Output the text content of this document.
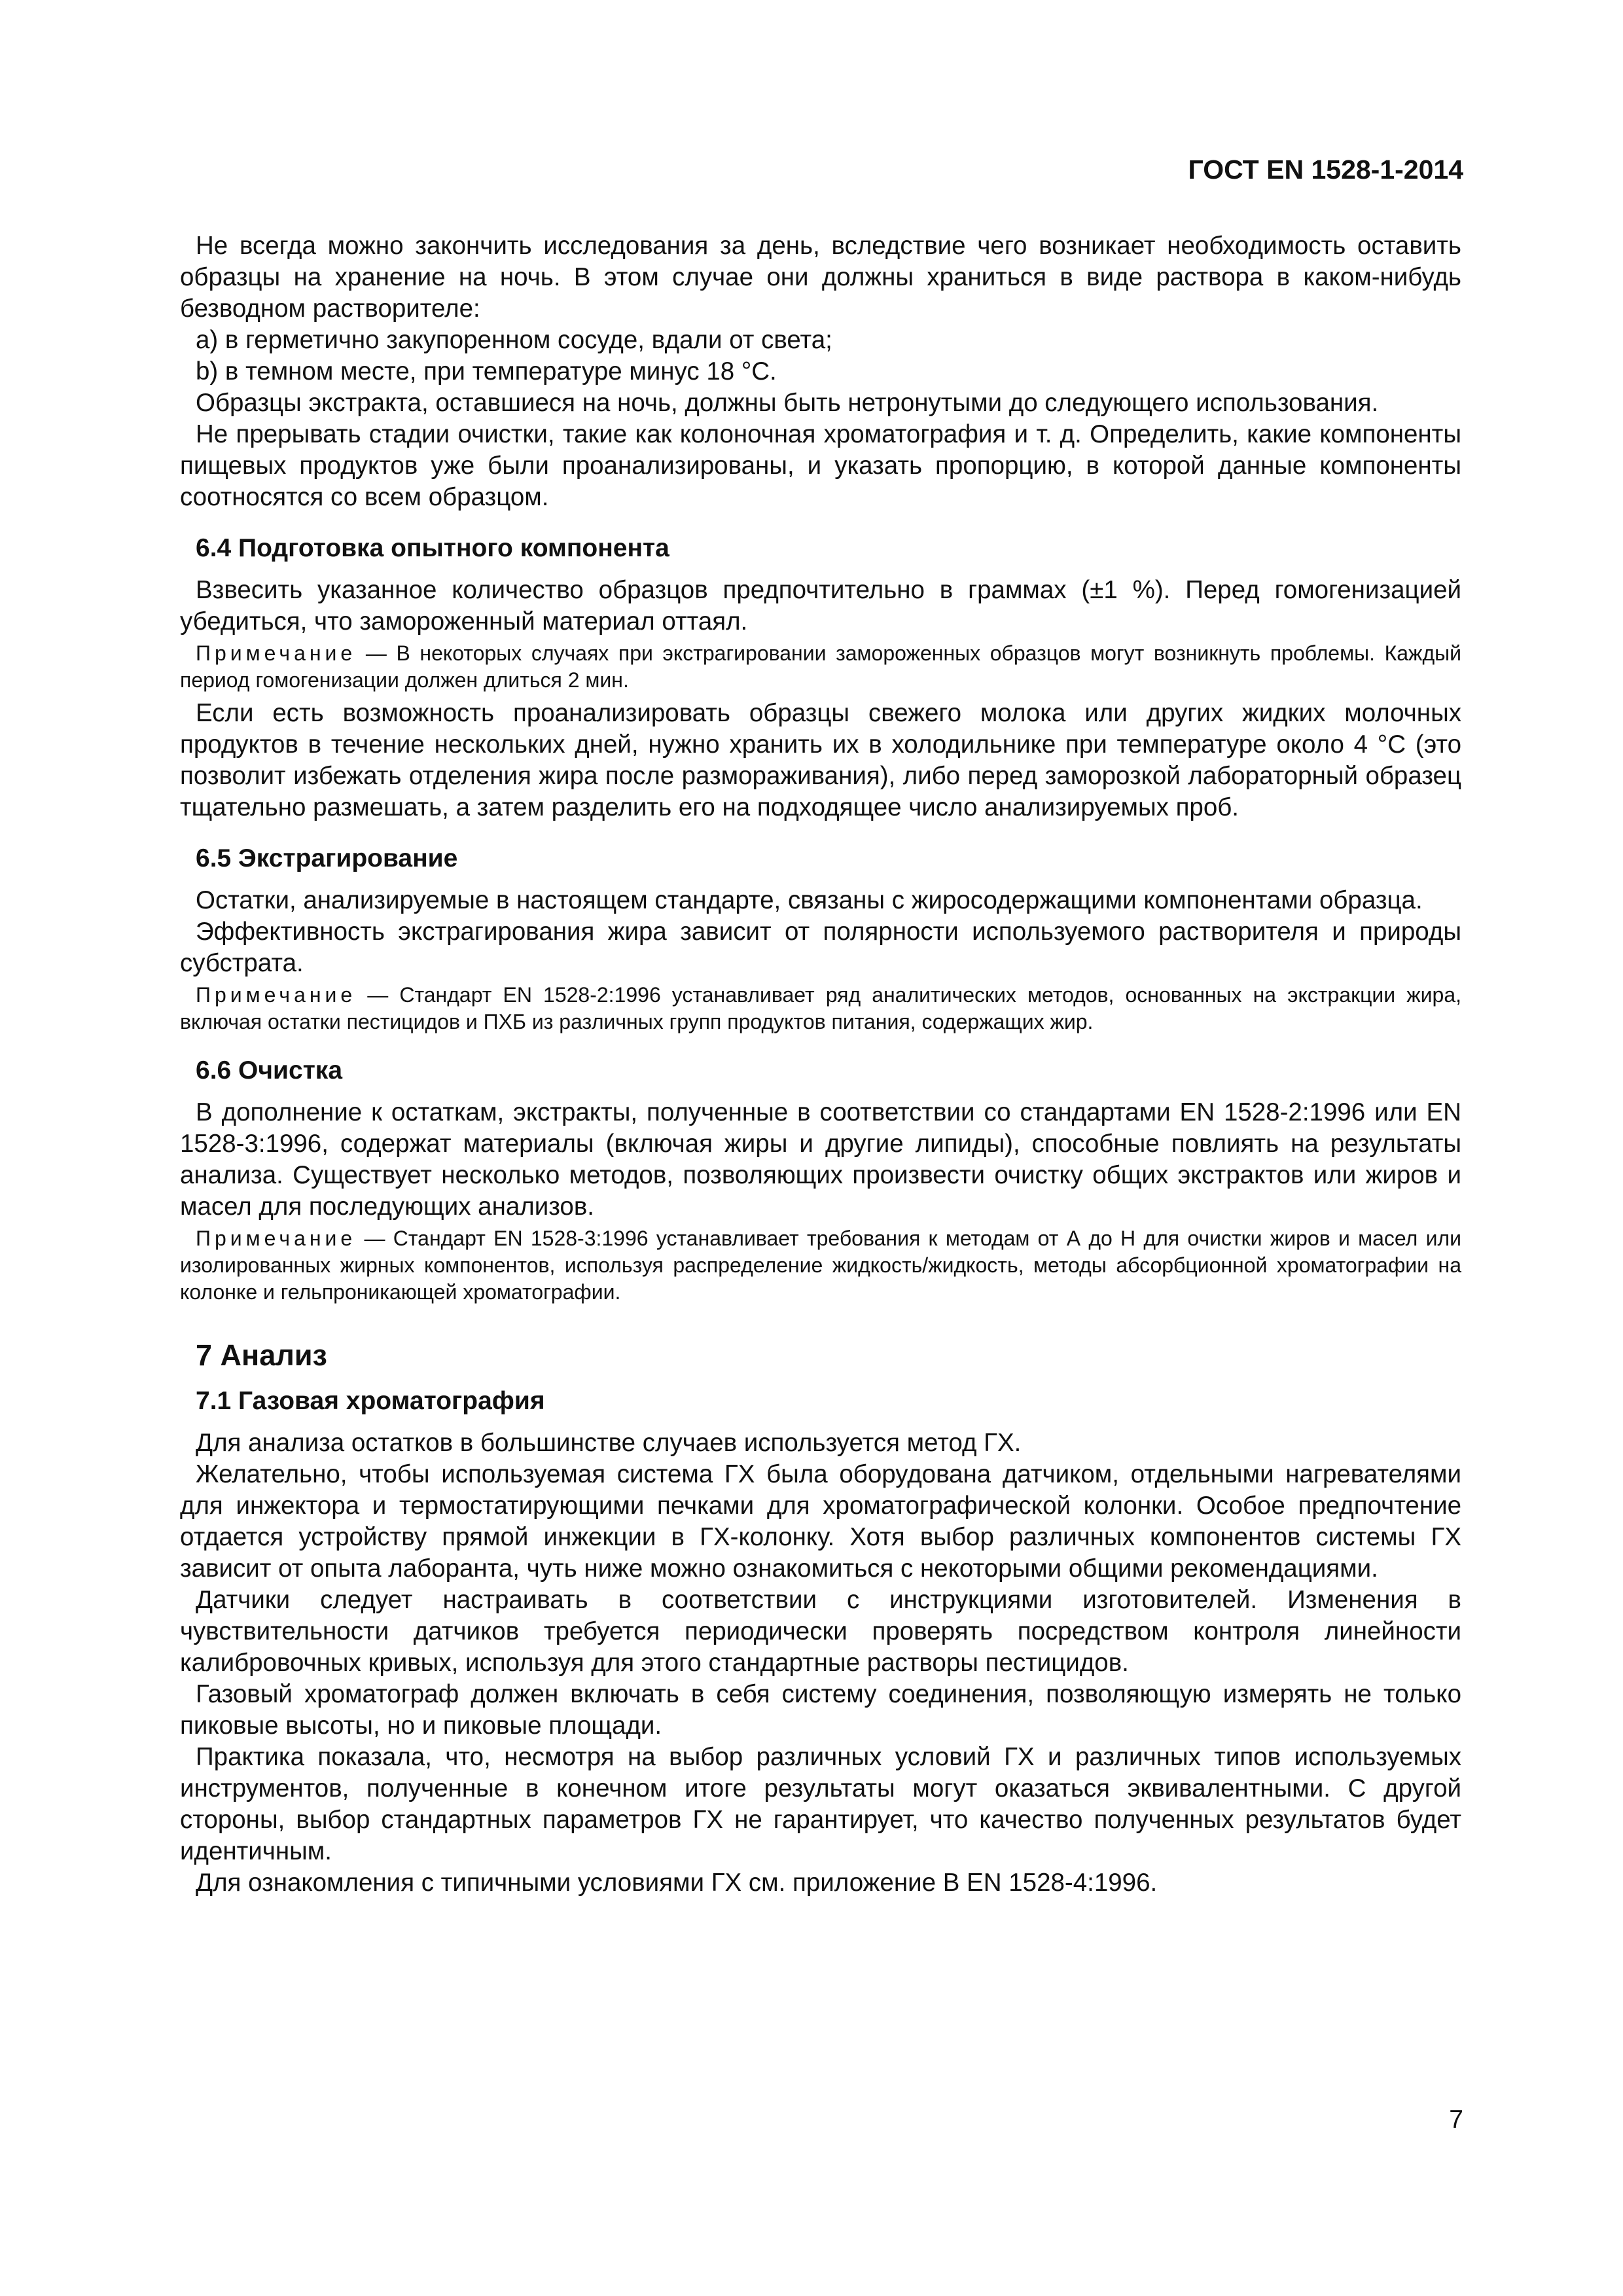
ГОСТ EN 1528-1-2014

Не всегда можно закончить исследования за день, вследствие чего возникает необходимость оставить образцы на хранение на ночь. В этом случае они должны храниться в виде раствора в каком-нибудь безводном растворителе:

а) в герметично закупоренном сосуде, вдали от света;

b) в темном месте, при температуре минус 18 °С.

Образцы экстракта, оставшиеся на ночь, должны быть нетронутыми до следующего использования.

Не прерывать стадии очистки, такие как колоночная хроматография и т. д. Определить, какие компоненты пищевых продуктов уже были проанализированы, и указать пропорцию, в которой данные компоненты соотносятся со всем образцом.

6.4 Подготовка опытного компонента

Взвесить указанное количество образцов предпочтительно в граммах (±1 %). Перед гомогенизацией убедиться, что замороженный материал оттаял.

Примечание — В некоторых случаях при экстрагировании замороженных образцов могут возникнуть проблемы. Каждый период гомогенизации должен длиться 2 мин.

Если есть возможность проанализировать образцы свежего молока или других жидких молочных продуктов в течение нескольких дней, нужно хранить их в холодильнике при температуре около 4 °С (это позволит избежать отделения жира после размораживания), либо перед заморозкой лабораторный образец тщательно размешать, а затем разделить его на подходящее число анализируемых проб.

6.5 Экстрагирование

Остатки, анализируемые в настоящем стандарте, связаны с жиросодержащими компонентами образца.

Эффективность экстрагирования жира зависит от полярности используемого растворителя и природы субстрата.

Примечание — Стандарт EN 1528-2:1996 устанавливает ряд аналитических методов, основанных на экстракции жира, включая остатки пестицидов и ПХБ из различных групп продуктов питания, содержащих жир.

6.6 Очистка

В дополнение к остаткам, экстракты, полученные в соответствии со стандартами EN 1528-2:1996 или EN 1528-3:1996, содержат материалы (включая жиры и другие липиды), способные повлиять на результаты анализа. Существует несколько методов, позволяющих произвести очистку общих экстрактов или жиров и масел для последующих анализов.

Примечание — Стандарт EN 1528-3:1996 устанавливает требования к методам от А до Н для очистки жиров и масел или изолированных жирных компонентов, используя распределение жидкость/жидкость, методы абсорбционной хроматографии на колонке и гельпроникающей хроматографии.

7 Анализ
7.1 Газовая хроматография

Для анализа остатков в большинстве случаев используется метод ГХ.

Желательно, чтобы используемая система ГХ была оборудована датчиком, отдельными нагревателями для инжектора и термостатирующими печками для хроматографической колонки. Особое предпочтение отдается устройству прямой инжекции в ГХ-колонку. Хотя выбор различных компонентов системы ГХ зависит от опыта лаборанта, чуть ниже можно ознакомиться с некоторыми общими рекомендациями.

Датчики следует настраивать в соответствии с инструкциями изготовителей. Изменения в чувствительности датчиков требуется периодически проверять посредством контроля линейности калибровочных кривых, используя для этого стандартные растворы пестицидов.

Газовый хроматограф должен включать в себя систему соединения, позволяющую измерять не только пиковые высоты, но и пиковые площади.

Практика показала, что, несмотря на выбор различных условий ГХ и различных типов используемых инструментов, полученные в конечном итоге результаты могут оказаться эквивалентными. С другой стороны, выбор стандартных параметров ГХ не гарантирует, что качество полученных результатов будет идентичным.

Для ознакомления с типичными условиями ГХ см. приложение В EN 1528-4:1996.

7
